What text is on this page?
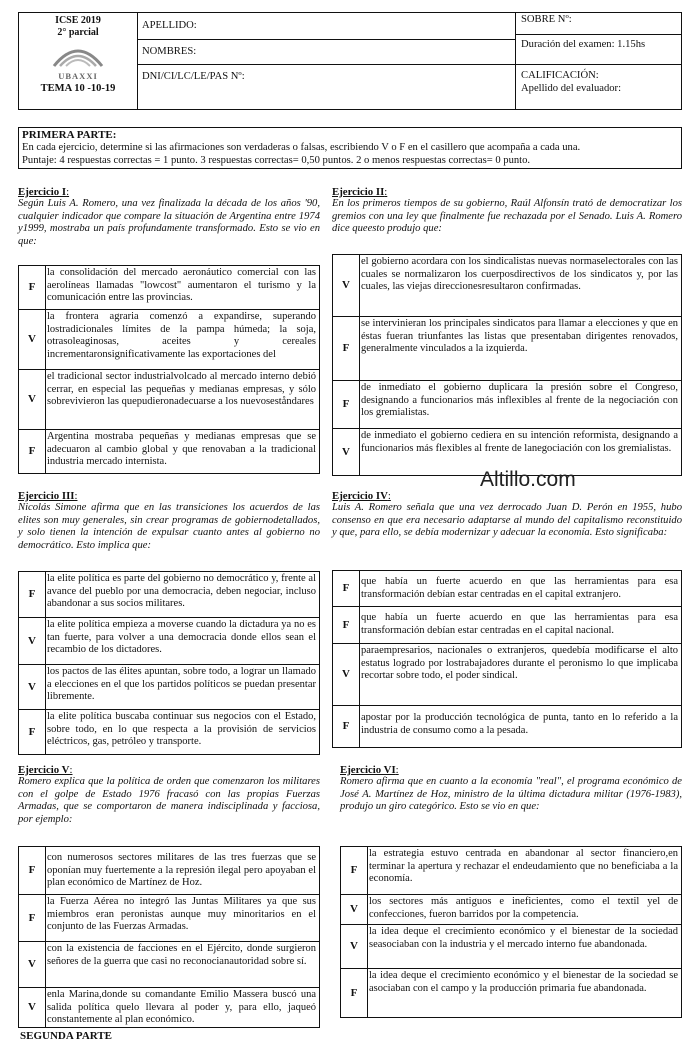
ICSE 2019
2° parcial
UBAXXI
TEMA 10 -10-19
APELLIDO:
NOMBRES:
DNI/CI/LC/LE/PAS Nº:
SOBRE Nº:
Duración del examen: 1.15hs
CALIFICACIÓN:
Apellido del evaluador:
PRIMERA PARTE:
En cada ejercicio, determine si las afirmaciones son verdaderas o falsas, escribiendo V o F en el casillero que acompaña a cada una.
Puntaje: 4 respuestas correctas = 1 punto. 3 respuestas correctas= 0,50 puntos. 2 o menos respuestas correctas= 0 punto.
Ejercicio I:
Según Luis A. Romero, una vez finalizada la década de los años '90, cualquier indicador que compare la situación de Argentina entre 1974 y1999, mostraba un país profundamente transformado. Esto se vio en que:
F
la consolidación del mercado aeronáutico comercial con las aerolíneas llamadas "lowcost" aumentaron el turismo y la comunicación entre las provincias.
V
la frontera agraria comenzó a expandirse, superando lostradicionales límites de la pampa húmeda; la soja, otrasoleaginosas, aceites y cereales incrementaronsignificativamente las exportaciones del
V
el tradicional sector industrialvolcado al mercado interno debió cerrar, en especial las pequeñas y medianas empresas, y sólo sobrevivieron las quepudieronadecuarse a los nuevoseståndares
F
Argentina mostraba pequeñas y medianas empresas que se adecuaron al cambio global y que renovaban a la tradicional industria mercado internista.
Ejercicio II:
En los primeros tiempos de su gobierno, Raúl Alfonsín trató de democratizar los gremios con una ley que finalmente fue rechazada por el Senado. Luis A. Romero dice queesto produjo que:
V
el gobierno acordara con los sindicalistas nuevas normaselectorales con las cuales se normalizaron los cuerposdirectivos de los sindicatos y, por las cuales, las viejas direccionesresultaron confirmadas.
F
se intervinieran los principales sindicatos para llamar a elecciones y que en éstas fueran triunfantes las listas que presentaban dirigentes renovados, generalmente vinculados a la izquierda.
F
de inmediato el gobierno duplicara la presión sobre el Congreso, designando a funcionarios más inflexibles al frente de la negociación con los gremialistas.
V
de inmediato el gobierno cediera en su intención reformista, designando a funcionarios más flexibles al frente de lanegociación con los gremialistas.
Altillo.com
Ejercicio III:
Nicolás Simone afirma que en las transiciones los acuerdos de las elites son muy generales, sin crear programas de gobiernodetallados, y solo tienen la intención de expulsar cuanto antes al gobierno no democrático. Esto implica que:
F
la elite política es parte del gobierno no democrático y, frente al avance del pueblo por una democracia, deben negociar, incluso abandonar a sus socios militares.
V
la elite política empieza a moverse cuando la dictadura ya no es tan fuerte, para volver a una democracia donde ellos sean el recambio de los dictadores.
V
los pactos de las élites apuntan, sobre todo, a lograr un llamado a elecciones en el que los partidos políticos se puedan presentar libremente.
F
la elite política buscaba continuar sus negocios con el Estado, sobre todo, en lo que respecta a la provisión de servicios eléctricos, gas, petróleo y transporte.
Ejercicio IV:
Luis A. Romero señala que una vez derrocado Juan D. Perón en 1955, hubo consenso en que era necesario adaptarse al mundo del capitalismo reconstituido y que, para ello, se debía modernizar y adecuar la economía. Esto significaba:
F
que había un fuerte acuerdo en que las herramientas para esa transformación debían estar centradas en el capital extranjero.
F
que había un fuerte acuerdo en que las herramientas para esa transformación debían estar centradas en el capital nacional.
V
paraempresarios, nacionales o extranjeros, quedebía modificarse el alto estatus logrado por lostrabajadores durante el peronismo lo que implicaba recortar sobre todo, el poder sindical.
F
apostar por la producción tecnológica de punta, tanto en lo referido a la industria de consumo como a la pesada.
Ejercicio V:
Romero explica que la política de orden que comenzaron los militares con el golpe de Estado 1976 fracasó con las propias Fuerzas Armadas, que se comportaron de manera indisciplinada y facciosa, por ejemplo:
F
con numerosos sectores militares de las tres fuerzas que se oponían muy fuertemente a la represión ilegal pero apoyaban el plan económico de Martínez de Hoz.
F
la Fuerza Aérea no integró las Juntas Militares ya que sus miembros eran peronistas aunque muy minoritarios en el conjunto de las Fuerzas Armadas.
V
con la existencia de facciones en el Ejército, donde surgieron señores de la guerra que casi no reconocianautoridad sobre sí.
V
enla Marina,donde su comandante Emilio Massera buscó una salida política quelo llevara al poder y, para ello, jaqueó constantemente al plan económico.
Ejercicio VI:
Romero afirma que en cuanto a la economía "real", el programa económico de José A. Martínez de Hoz, ministro de la última dictadura militar (1976-1983), produjo un giro categórico. Esto se vio en que:
F
la estrategia estuvo centrada en abandonar al sector financiero,en terminar la apertura y rechazar el endeudamiento que no beneficiaba a la economía.
V
los sectores más antiguos e ineficientes, como el textil yel de confecciones, fueron barridos por la competencia.
V
la idea deque el crecimiento económico y el bienestar de la sociedad seasociaban con la industria y el mercado interno fue abandonada.
F
la idea deque el crecimiento económico y el bienestar de la sociedad se asociaban con el campo y la producción primaria fue abandonada.
SEGUNDA PARTE
